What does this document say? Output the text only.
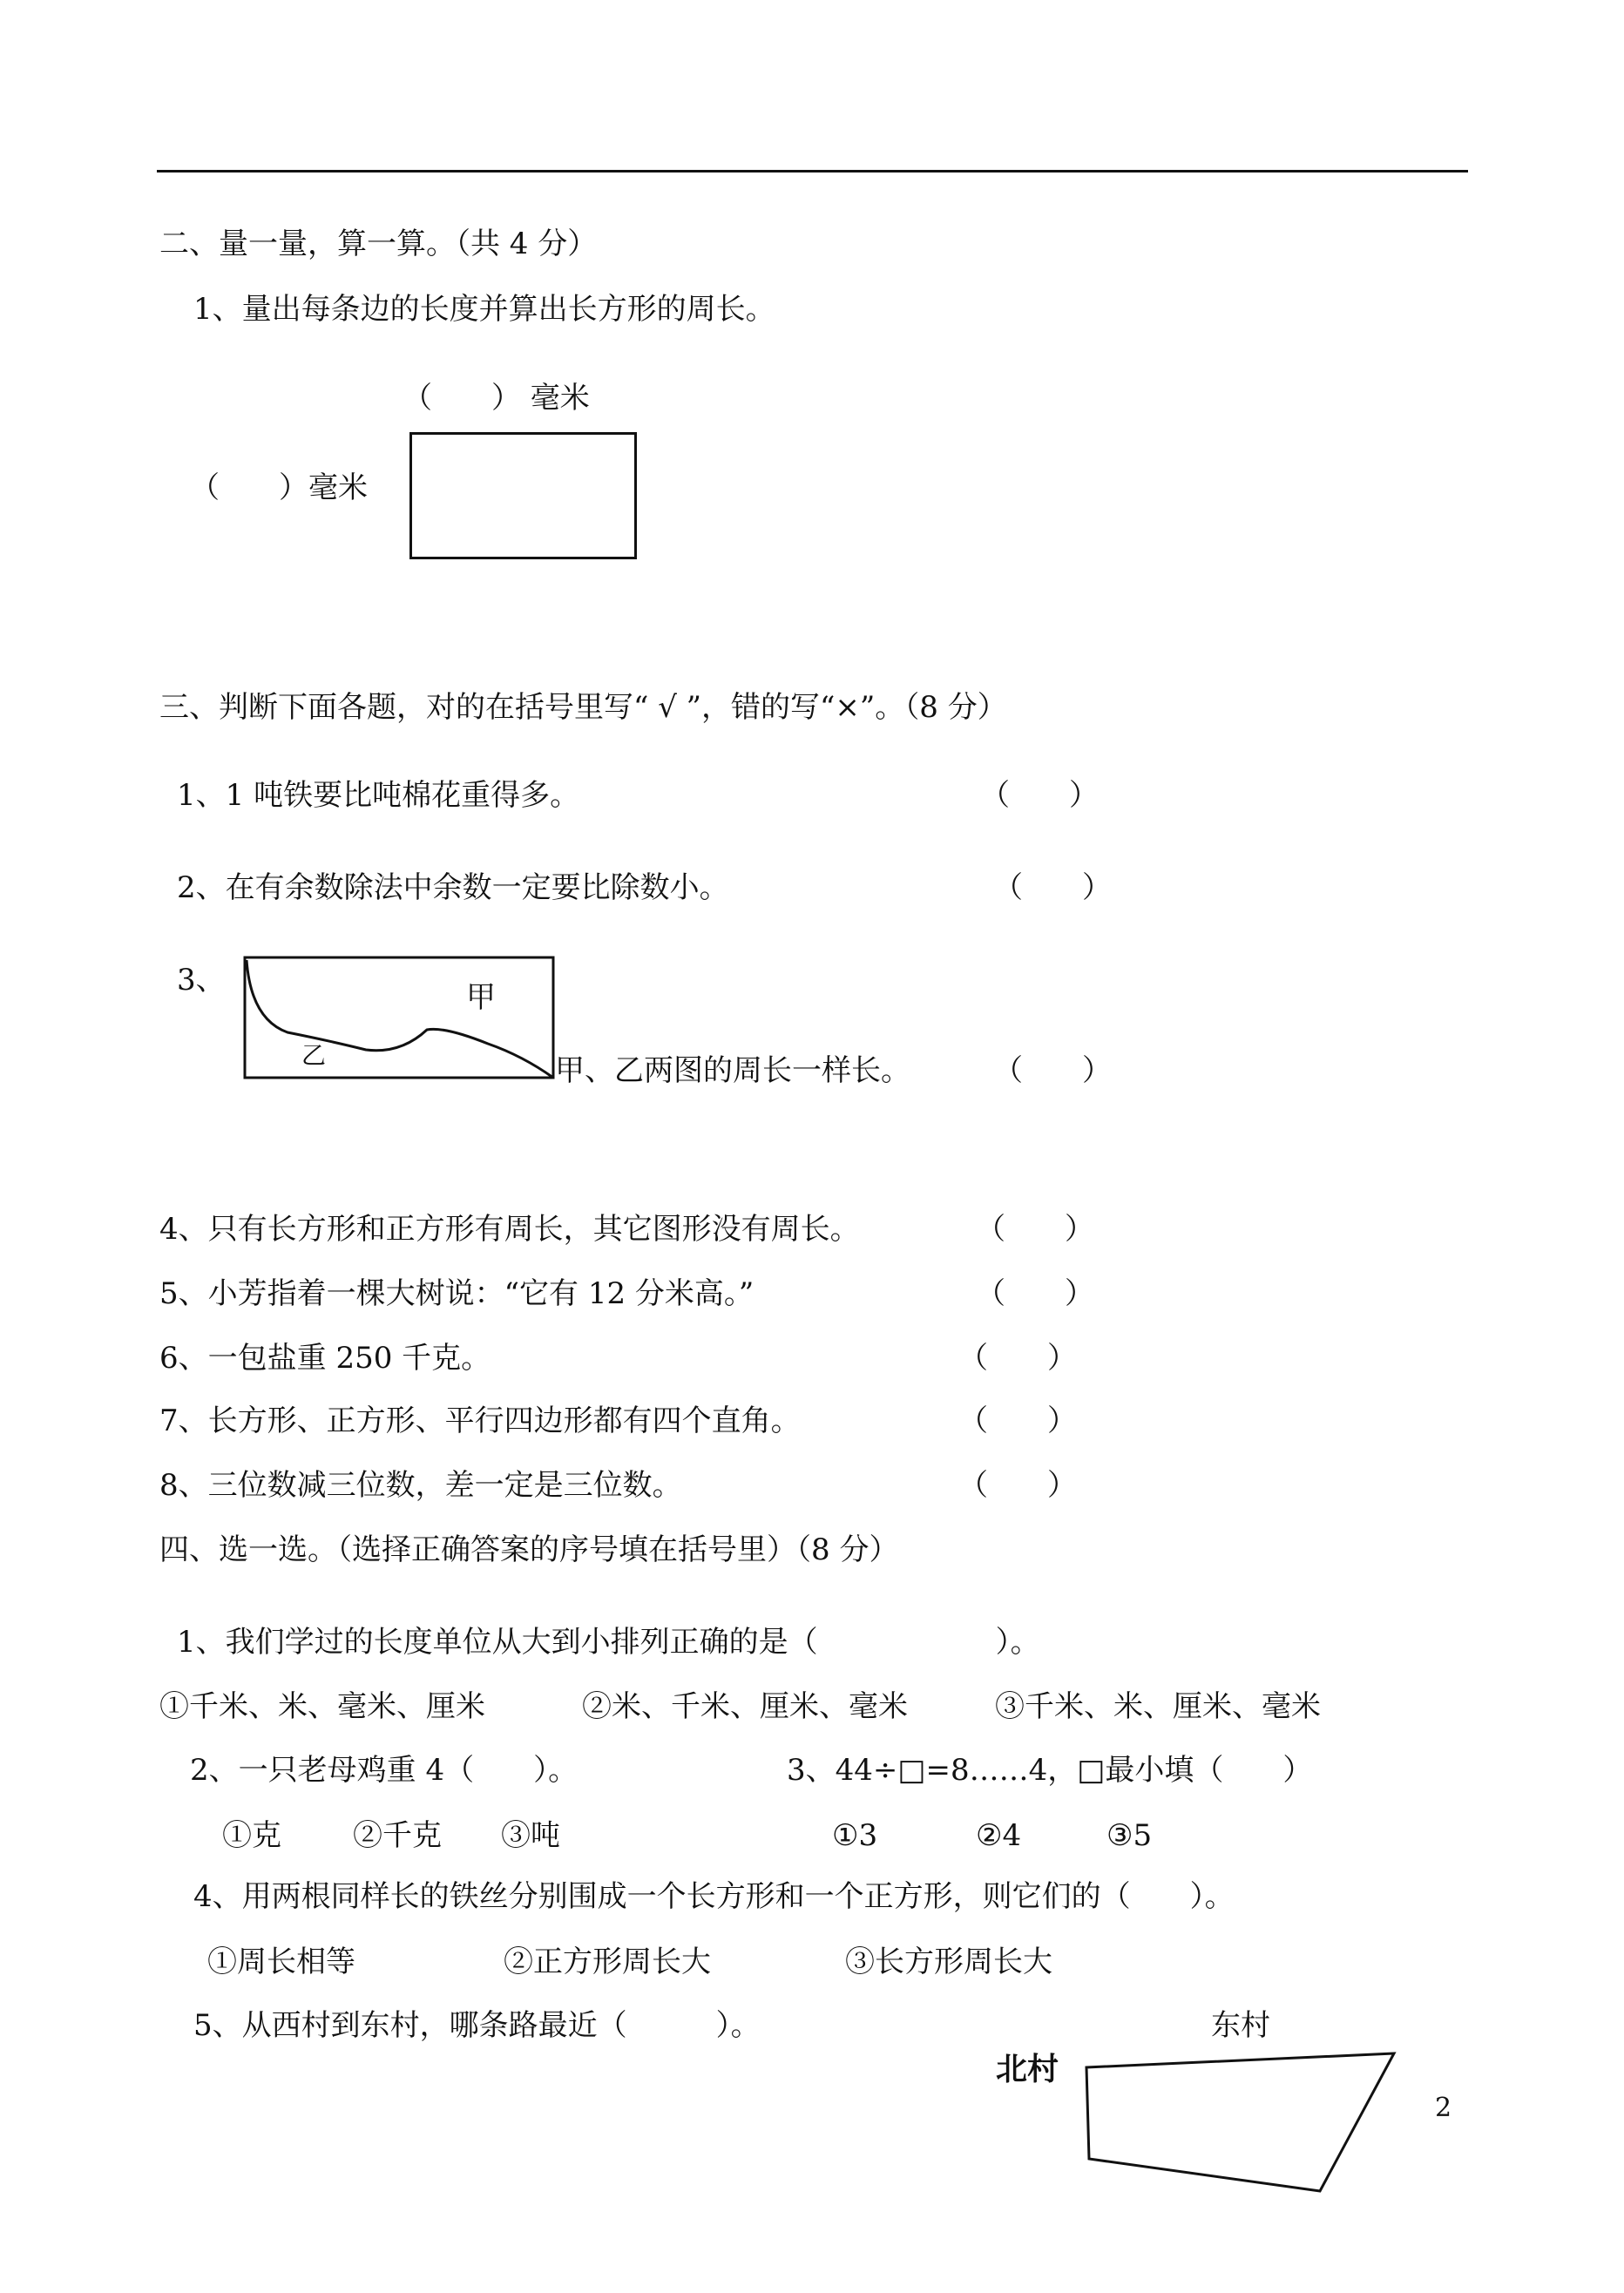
二、量一量，算一算。（共 4 分）
1、量出每条边的长度并算出长方形的周长。
（　　） 毫米
（　　）毫米
三、判断下面各题，对的在括号里写“ √ ”，错的写“×”。（8 分）
1、1 吨铁要比吨棉花重得多。	（　　）
2、在有余数除法中余数一定要比除数小。	（　　）
3、	甲
乙	甲、乙两图的周长一样长。	（　　）
4、只有长方形和正方形有周长，其它图形没有周长。	（　　）
5、小芳指着一棵大树说：“它有 12 分米高。”	（　　）
6、一包盐重 250 千克。	（　　）
7、长方形、正方形、平行四边形都有四个直角。	（　　）
8、三位数减三位数，差一定是三位数。	（　　）
四、选一选。（选择正确答案的序号填在括号里）（8 分）
1、我们学过的长度单位从大到小排列正确的是（　　　　　　）。
①千米、米、毫米、厘米	②米、千米、厘米、毫米	③千米、米、厘米、毫米
2、一只老母鸡重 4（　　）。	3、44÷□=8……4，□最小填（　　）
①克 ②千克 ③吨	①3	②4	③5
4、用两根同样长的铁丝分别围成一个长方形和一个正方形，则它们的（　　）。
①周长相等	②正方形周长大	③长方形周长大
5、从西村到东村，哪条路最近（　　　）。	东村
北村
2
